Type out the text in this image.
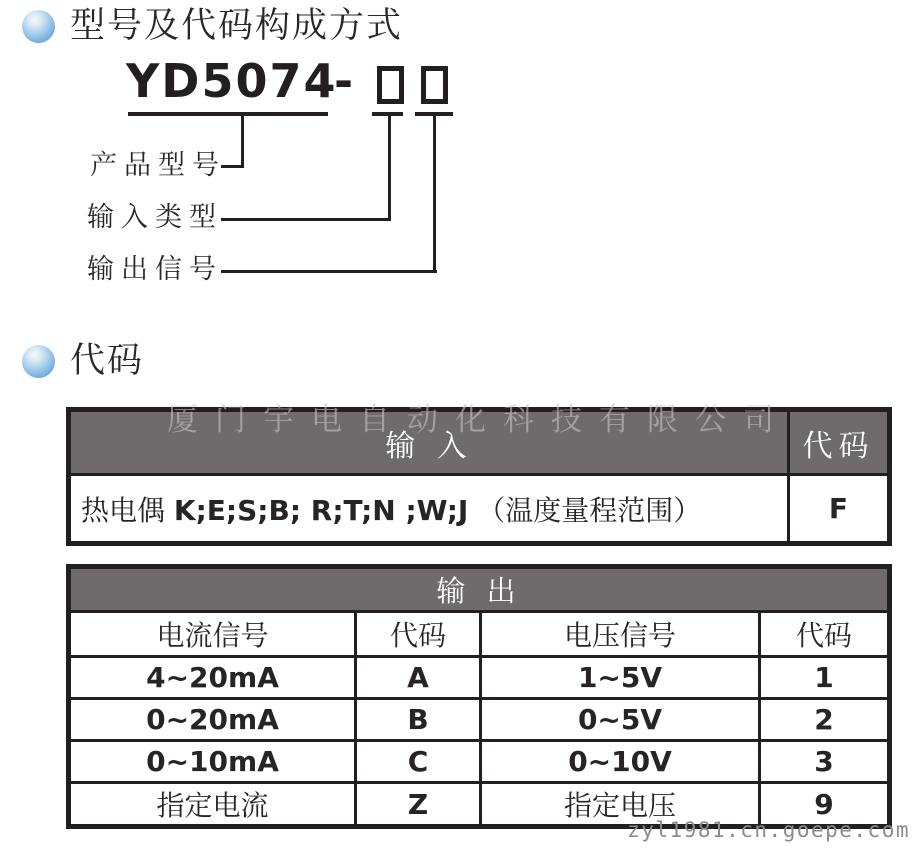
型号及代码构成方式
YD5074
-
产品型号
输入类型
输出信号
代码
厦门宇电自动化科技有限公司
输 入	代码
热电偶 K;E;S;B; R;T;N ;W;J （温度量程范围）	F
输 出			
电流信号	代码	电压信号	代码
4~20mA	A	1~5V	1
0~20mA	B	0~5V	2
0~10mA	C	0~10V	3
指定电流	Z	指定电压	9
zyl1981.cn.goepe.com
